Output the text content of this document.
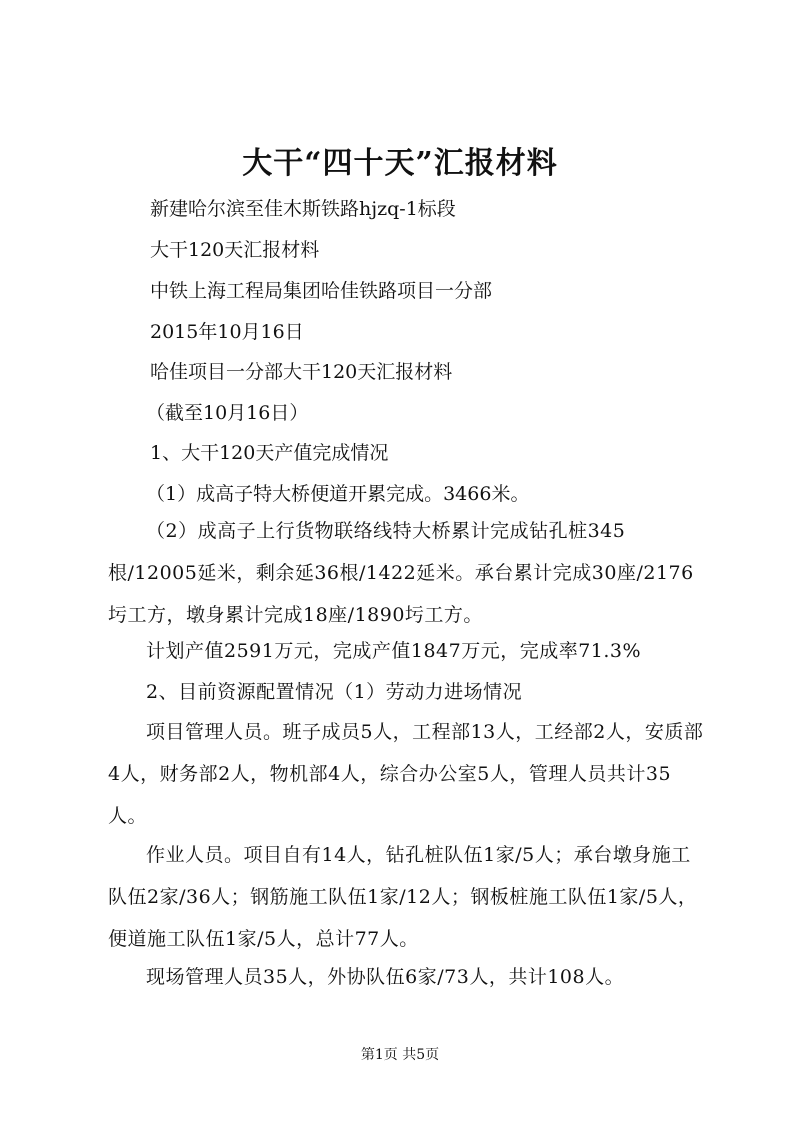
大干“四十天”汇报材料
新建哈尔滨至佳木斯铁路hjzq-1标段
大干120天汇报材料
中铁上海工程局集团哈佳铁路项目一分部
2015年10月16日
哈佳项目一分部大干120天汇报材料
（截至10月16日）
1、大干120天产值完成情况
（1）成高子特大桥便道开累完成。3466米。
（2）成高子上行货物联络线特大桥累计完成钻孔桩345根/12005延米，剩余延36根/1422延米。承台累计完成30座/2176圬工方，墩身累计完成18座/1890圬工方。
计划产值2591万元，完成产值1847万元，完成率71.3%
2、目前资源配置情况（1）劳动力进场情况
项目管理人员。班子成员5人，工程部13人，工经部2人，安质部4人，财务部2人，物机部4人，综合办公室5人，管理人员共计35人。
作业人员。项目自有14人，钻孔桩队伍1家/5人；承台墩身施工队伍2家/36人；钢筋施工队伍1家/12人；钢板桩施工队伍1家/5人，便道施工队伍1家/5人，总计77人。
现场管理人员35人，外协队伍6家/73人，共计108人。
第1页 共5页
